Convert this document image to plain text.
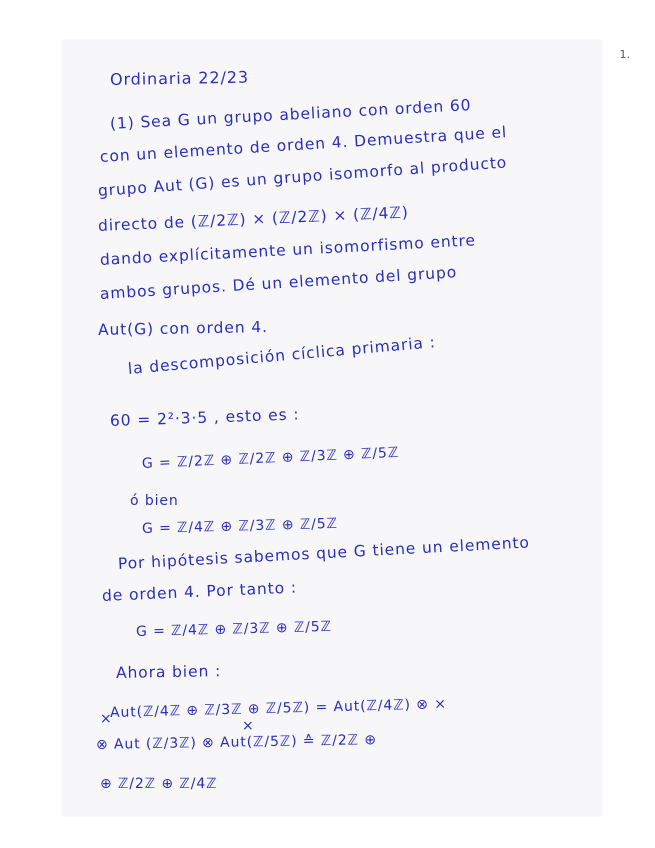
1.
Ordinaria 22/23
(1) Sea G un grupo abeliano con orden 60
con un elemento de orden 4. Demuestra que el
grupo Aut (G) es un grupo isomorfo al producto
directo de (ℤ/2ℤ) × (ℤ/2ℤ) × (ℤ/4ℤ)
dando explícitamente un isomorfismo entre
ambos grupos. Dé un elemento del grupo
Aut(G) con orden 4.
la descomposición cíclica primaria :
60 = 2²·3·5 , esto es :
G = ℤ/2ℤ ⊕ ℤ/2ℤ ⊕ ℤ/3ℤ ⊕ ℤ/5ℤ
ó bien
G = ℤ/4ℤ ⊕ ℤ/3ℤ ⊕ ℤ/5ℤ
Por hipótesis sabemos que G tiene un elemento
de orden 4. Por tanto :
G = ℤ/4ℤ ⊕ ℤ/3ℤ ⊕ ℤ/5ℤ
Ahora bien :
Aut(ℤ/4ℤ ⊕ ℤ/3ℤ ⊕ ℤ/5ℤ) = Aut(ℤ/4ℤ) ⊗ ×
×	×
⊗ Aut (ℤ/3ℤ) ⊗ Aut(ℤ/5ℤ) ≙ ℤ/2ℤ ⊕
⊕ ℤ/2ℤ ⊕ ℤ/4ℤ
